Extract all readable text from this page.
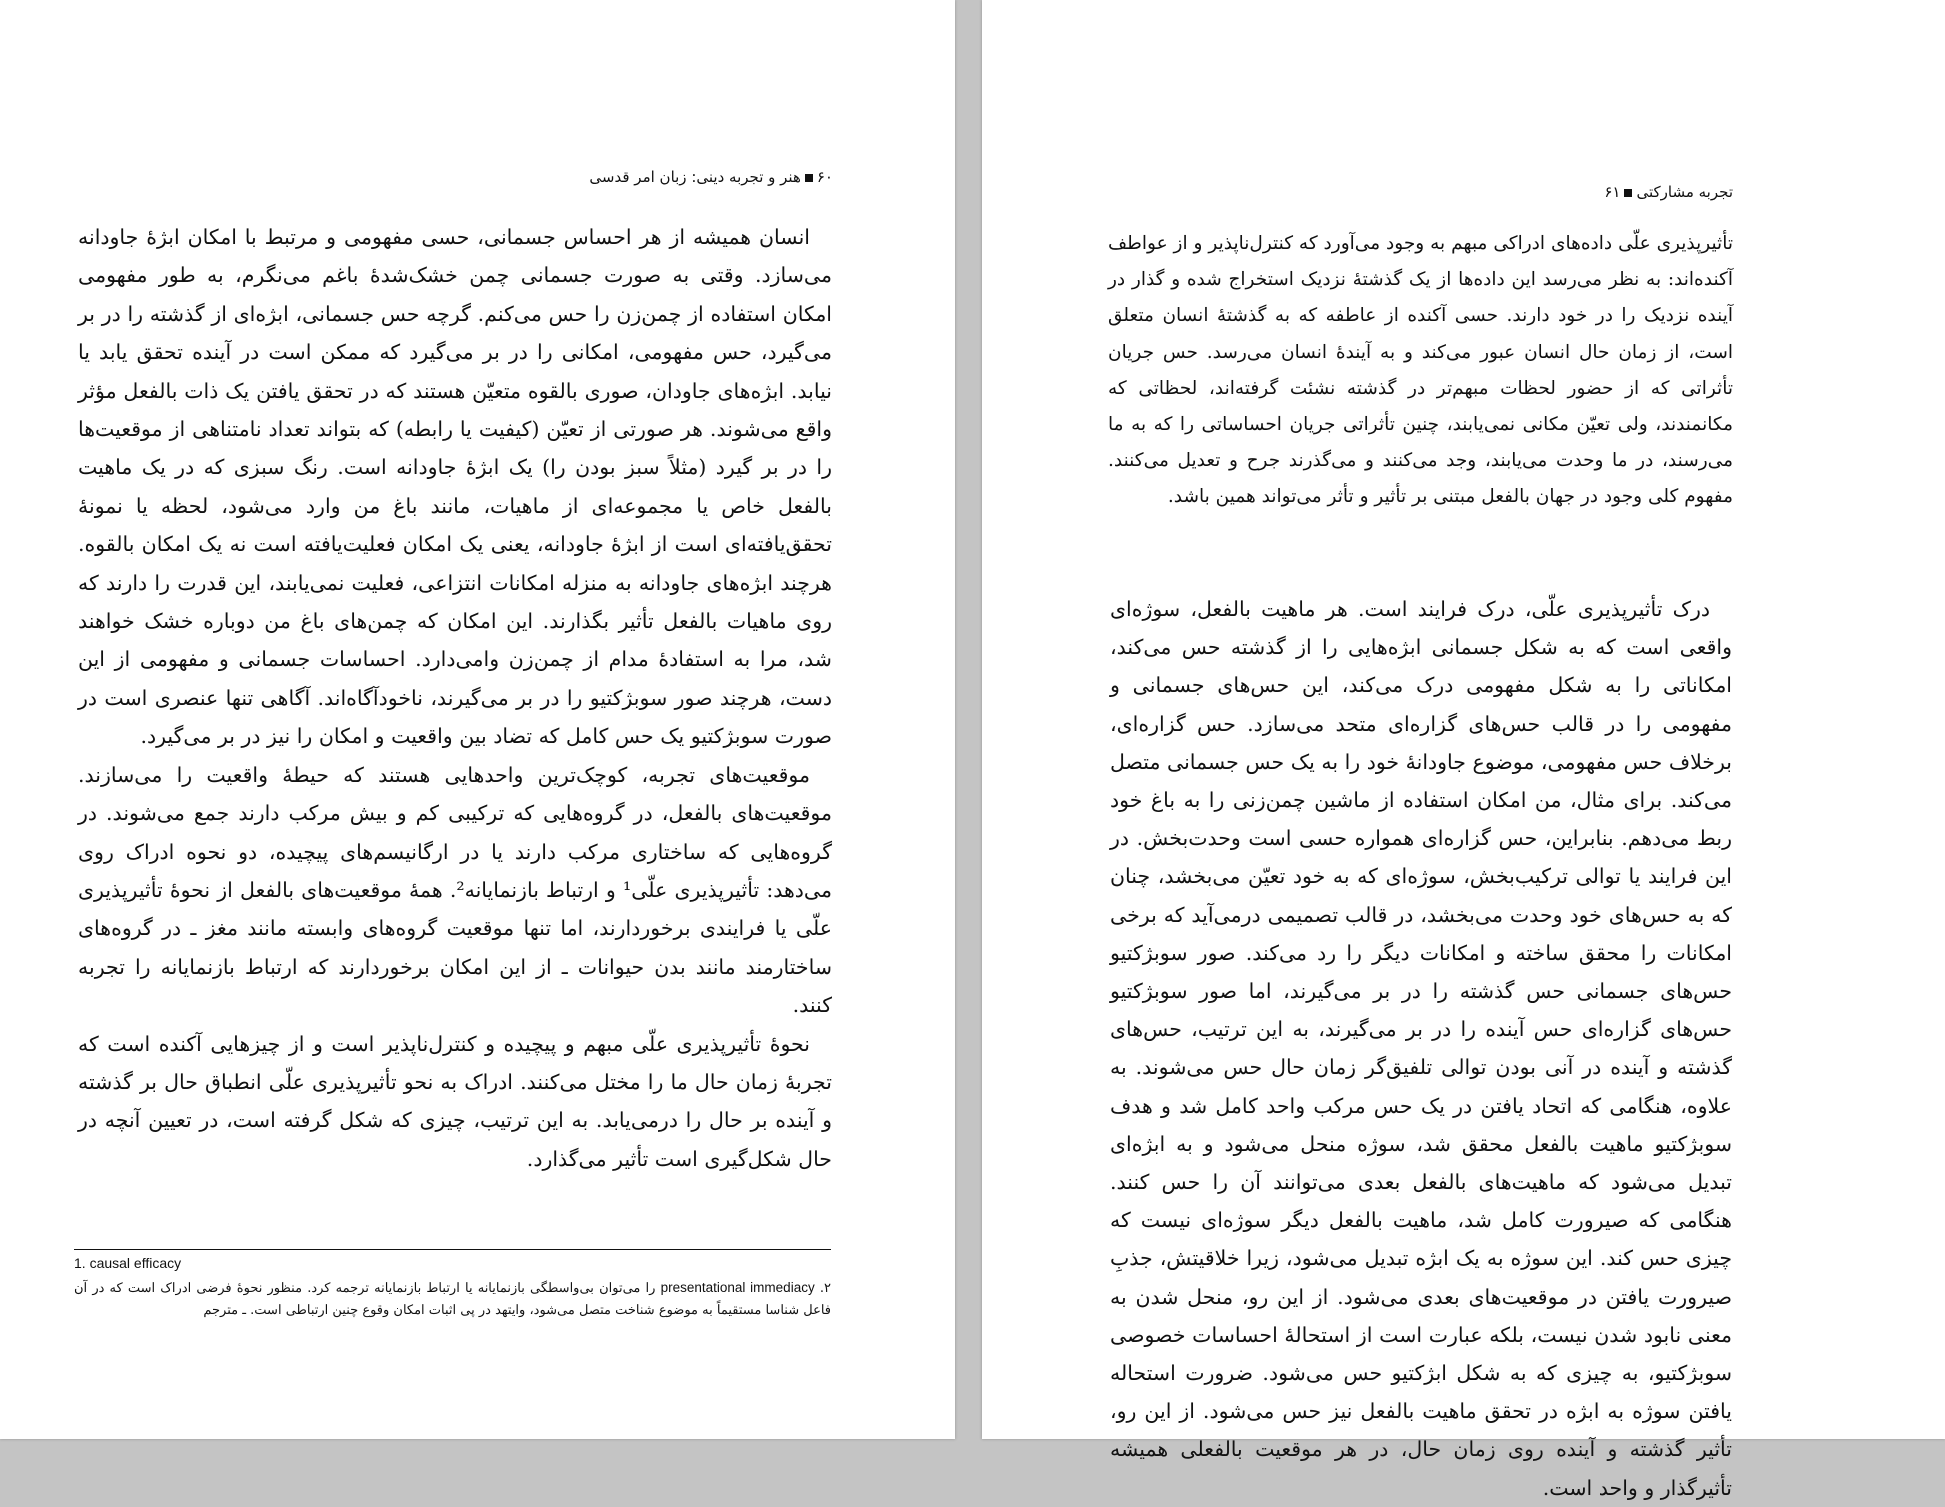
۶۰هنر و تجربه دینی: زبان امر قدسی

انسان همیشه از هر احساس جسمانی، حسی مفهومی و مرتبط با امکان ابژهٔ جاودانه می‌سازد. وقتی به صورت جسمانی چمن خشک‌شدهٔ باغم می‌نگرم، به طور مفهومی امکان استفاده از چمن‌زن را حس می‌کنم. گرچه حس جسمانی، ابژه‌ای از گذشته را در بر می‌گیرد، حس مفهومی، امکانی را در بر می‌گیرد که ممکن است در آینده تحقق یابد یا نیابد. ابژه‌های جاودان، صوری بالقوه متعیّن هستند که در تحقق یافتن یک ذات بالفعل مؤثر واقع می‌شوند. هر صورتی از تعیّن (کیفیت یا رابطه) که بتواند تعداد نامتناهی از موقعیت‌ها را در بر گیرد (مثلاً سبز بودن را) یک ابژهٔ جاودانه است. رنگ سبزی که در یک ماهیت بالفعل خاص یا مجموعه‌ای از ماهیات، مانند باغ من وارد می‌شود، لحظه یا نمونهٔ تحقق‌یافته‌ای است از ابژهٔ جاودانه، یعنی یک امکان فعلیت‌یافته است نه یک امکان بالقوه. هرچند ابژه‌های جاودانه به منزله امکانات انتزاعی، فعلیت نمی‌یابند، این قدرت را دارند که روی ماهیات بالفعل تأثیر بگذارند. این امکان که چمن‌های باغ من دوباره خشک خواهند شد، مرا به استفادهٔ مدام از چمن‌زن وامی‌دارد. احساسات جسمانی و مفهومی از این دست، هرچند صور سوبژکتیو را در بر می‌گیرند، ناخودآگاه‌اند. آگاهی تنها عنصری است در صورت سوبژکتیو یک حس کامل که تضاد بین واقعیت و امکان را نیز در بر می‌گیرد.

موقعیت‌های تجربه، کوچک‌ترین واحدهایی هستند که حیطهٔ واقعیت را می‌سازند. موقعیت‌های بالفعل، در گروه‌هایی که ترکیبی کم و بیش مرکب دارند جمع می‌شوند. در گروه‌هایی که ساختاری مرکب دارند یا در ارگانیسم‌های پیچیده، دو نحوه ادراک روی می‌دهد: تأثیرپذیری علّی¹ و ارتباط بازنمایانه². همهٔ موقعیت‌های بالفعل از نحوهٔ تأثیرپذیری علّی یا فرایندی برخوردارند، اما تنها موقعیت گروه‌های وابسته مانند مغز ـ در گروه‌های ساختارمند مانند بدن حیوانات ـ از این امکان برخوردارند که ارتباط بازنمایانه را تجربه کنند.

نحوهٔ تأثیرپذیری علّی مبهم و پیچیده و کنترل‌ناپذیر است و از چیزهایی آکنده است که تجربهٔ زمان حال ما را مختل می‌کنند. ادراک به نحو تأثیرپذیری علّی انطباق حال بر گذشته و آینده بر حال را درمی‌یابد. به این ترتیب، چیزی که شکل گرفته است، در تعیین آنچه در حال شکل‌گیری است تأثیر می‌گذارد.

1. causal efficacy
۲. presentational immediacy را می‌توان بی‌واسطگی بازنمایانه یا ارتباط بازنمایانه ترجمه کرد. منظور نحوهٔ فرضی ادراک است که در آن فاعل شناسا مستقیماً به موضوع شناخت متصل می‌شود، وایتهد در پی اثبات امکان وقوع چنین ارتباطی است. ـ مترجم
تجربه مشارکتی۶۱
تأثیرپذیری علّی داده‌های ادراکی مبهم به وجود می‌آورد که کنترل‌ناپذیر و از عواطف آکنده‌اند: به نظر می‌رسد این داده‌ها از یک گذشتهٔ نزدیک استخراج شده و گذار در آینده نزدیک را در خود دارند. حسی آکنده از عاطفه که به گذشتهٔ انسان متعلق است، از زمان حال انسان عبور می‌کند و به آیندهٔ انسان می‌رسد. حس جریان تأثراتی که از حضور لحظات مبهم‌تر در گذشته نشئت گرفته‌اند، لحظاتی که مکانمندند، ولی تعیّن مکانی نمی‌یابند، چنین تأثراتی جریان احساساتی را که به ما می‌رسند، در ما وحدت می‌یابند، وجد می‌کنند و می‌گذرند جرح و تعدیل می‌کنند. مفهوم کلی وجود در جهان بالفعل مبتنی بر تأثیر و تأثر می‌تواند همین باشد.

درک تأثیرپذیری علّی، درک فرایند است. هر ماهیت بالفعل، سوژه‌ای واقعی است که به شکل جسمانی ابژه‌هایی را از گذشته حس می‌کند، امکاناتی را به شکل مفهومی درک می‌کند، این حس‌های جسمانی و مفهومی را در قالب حس‌های گزاره‌ای متحد می‌سازد. حس گزاره‌ای، برخلاف حس مفهومی، موضوع جاودانهٔ خود را به یک حس جسمانی متصل می‌کند. برای مثال، من امکان استفاده از ماشین چمن‌زنی را به باغ خود ربط می‌دهم. بنابراین، حس گزاره‌ای همواره حسی است وحدت‌بخش. در این فرایند یا توالی ترکیب‌بخش، سوژه‌ای که به خود تعیّن می‌بخشد، چنان که به حس‌های خود وحدت می‌بخشد، در قالب تصمیمی درمی‌آید که برخی امکانات را محقق ساخته و امکانات دیگر را رد می‌کند. صور سوبژکتیو حس‌های جسمانی حس گذشته را در بر می‌گیرند، اما صور سوبژکتیو حس‌های گزاره‌ای حس آینده را در بر می‌گیرند، به این ترتیب، حس‌های گذشته و آینده در آنی بودن توالی تلفیق‌گر زمان حال حس می‌شوند. به علاوه، هنگامی که اتحاد یافتن در یک حس مرکب واحد کامل شد و هدف سوبژکتیو ماهیت بالفعل محقق شد، سوژه منحل می‌شود و به ابژه‌ای تبدیل می‌شود که ماهیت‌های بالفعل بعدی می‌توانند آن را حس کنند. هنگامی که صیرورت کامل شد، ماهیت بالفعل دیگر سوژه‌ای نیست که چیزی حس کند. این سوژه به یک ابژه تبدیل می‌شود، زیرا خلاقیتش، جذبِ صیرورت یافتن در موقعیت‌های بعدی می‌شود. از این رو، منحل شدن به معنی نابود شدن نیست، بلکه عبارت است از استحالهٔ احساسات خصوصی سوبژکتیو، به چیزی که به شکل ابژکتیو حس می‌شود. ضرورت استحاله یافتن سوژه به ابژه در تحقق ماهیت بالفعل نیز حس می‌شود. از این رو، تأثیر گذشته و آینده روی زمان حال، در هر موقعیت بالفعلی همیشه تأثیرگذار و واحد است.
